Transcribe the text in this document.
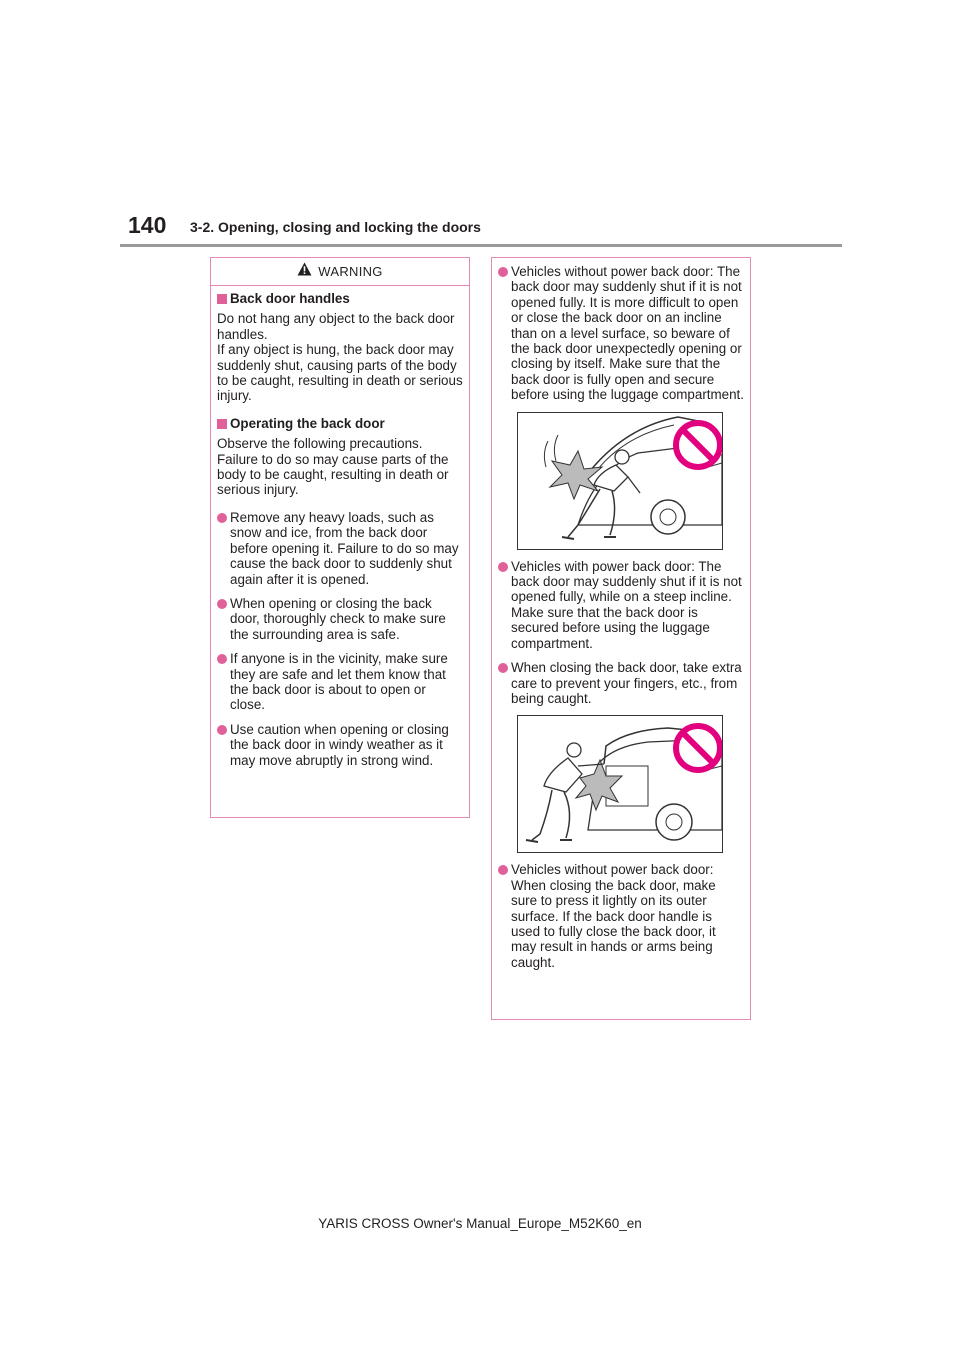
140 3-2. Opening, closing and locking the doors
WARNING
Back door handles

Do not hang any object to the back door handles.
If any object is hung, the back door may suddenly shut, causing parts of the body to be caught, resulting in death or serious injury.

Operating the back door

Observe the following precautions. Failure to do so may cause parts of the body to be caught, resulting in death or serious injury.

Remove any heavy loads, such as snow and ice, from the back door before opening it. Failure to do so may cause the back door to suddenly shut again after it is opened.
When opening or closing the back door, thoroughly check to make sure the surrounding area is safe.
If anyone is in the vicinity, make sure they are safe and let them know that the back door is about to open or close.
Use caution when opening or closing the back door in windy weather as it may move abruptly in strong wind.
Vehicles without power back door: The back door may suddenly shut if it is not opened fully. It is more difficult to open or close the back door on an incline than on a level surface, so beware of the back door unexpectedly opening or closing by itself. Make sure that the back door is fully open and secure before using the luggage compartment.
Vehicles with power back door: The back door may suddenly shut if it is not opened fully, while on a steep incline. Make sure that the back door is secured before using the luggage compartment.
When closing the back door, take extra care to prevent your fingers, etc., from being caught.
Vehicles without power back door: When closing the back door, make sure to press it lightly on its outer surface. If the back door handle is used to fully close the back door, it may result in hands or arms being caught.
YARIS CROSS Owner's Manual_Europe_M52K60_en
